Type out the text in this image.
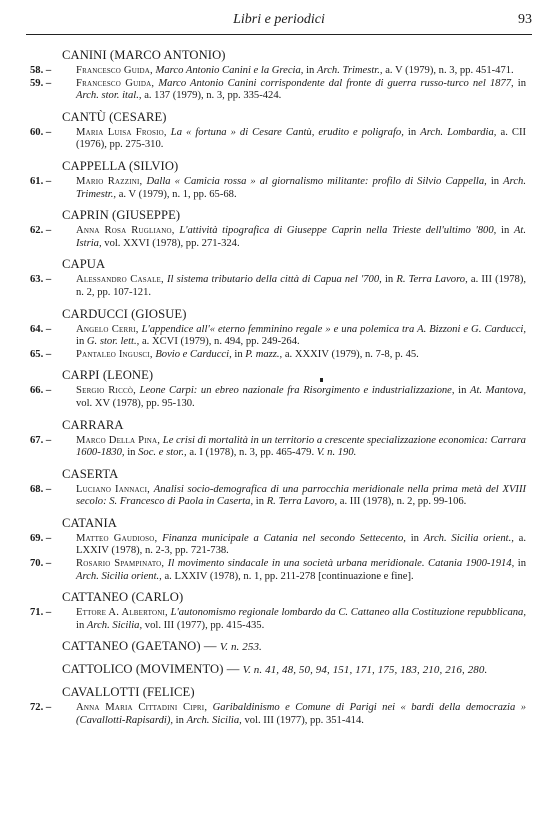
Libri e periodici	93
CANINI (MARCO ANTONIO)
58. – Francesco Guida, Marco Antonio Canini e la Grecia, in Arch. Trimestr., a. V (1979), n. 3, pp. 451-471.
59. – Francesco Guida, Marco Antonio Canini corrispondente dal fronte di guerra russo-turco nel 1877, in Arch. stor. ital., a. 137 (1979), n. 3, pp. 335-424.
CANTÙ (CESARE)
60. – Maria Luisa Frosio, La « fortuna » di Cesare Cantù, erudito e poligrafo, in Arch. Lombardia, a. CII (1976), pp. 275-310.
CAPPELLA (SILVIO)
61. – Mario Razzini, Dalla « Camicia rossa » al giornalismo militante: profilo di Silvio Cappella, in Arch. Trimestr., a. V (1979), n. 1, pp. 65-68.
CAPRIN (GIUSEPPE)
62. – Anna Rosa Rugliano, L'attività tipografica di Giuseppe Caprin nella Trieste dell'ultimo '800, in At. Istria, vol. XXVI (1978), pp. 271-324.
CAPUA
63. – Alessandro Casale, Il sistema tributario della città di Capua nel '700, in R. Terra Lavoro, a. III (1978), n. 2, pp. 107-121.
CARDUCCI (GIOSUE)
64. – Angelo Cerri, L'appendice all'« eterno femminino regale » e una polemica tra A. Bizzoni e G. Carducci, in G. stor. lett., a. XCVI (1979), n. 494, pp. 249-264.
65. – Pantaleo Ingusci, Bovio e Carducci, in P. mazz., a. XXXIV (1979), n. 7-8, p. 45.
CARPI (LEONE)
66. – Sergio Riccò, Leone Carpi: un ebreo nazionale fra Risorgimento e industrializzazione, in At. Mantova, vol. XV (1978), pp. 95-130.
CARRARA
67. – Marco Della Pina, Le crisi di mortalità in un territorio a crescente specializzazione economica: Carrara 1600-1830, in Soc. e stor., a. I (1978), n. 3, pp. 465-479. V. n. 190.
CASERTA
68. – Luciano Iannaci, Analisi socio-demografica di una parrocchia meridionale nella prima metà del XVIII secolo: S. Francesco di Paola in Caserta, in R. Terra Lavoro, a. III (1978), n. 2, pp. 99-106.
CATANIA
69. – Matteo Gaudioso, Finanza municipale a Catania nel secondo Settecento, in Arch. Sicilia orient., a. LXXIV (1978), n. 2-3, pp. 721-738.
70. – Rosario Spampinato, Il movimento sindacale in una società urbana meridionale. Catania 1900-1914, in Arch. Sicilia orient., a. LXXIV (1978), n. 1, pp. 211-278 [continuazione e fine].
CATTANEO (CARLO)
71. – Ettore A. Albertoni, L'autonomismo regionale lombardo da C. Cattaneo alla Costituzione repubblicana, in Arch. Sicilia, vol. III (1977), pp. 415-435.
CATTANEO (GAETANO) — V. n. 253.
CATTOLICO (MOVIMENTO) — V. n. 41, 48, 50, 94, 151, 171, 175, 183, 210, 216, 280.
CAVALLOTTI (FELICE)
72. – Anna Maria Cittadini Cipri, Garibaldinismo e Comune di Parigi nei « bardi della democrazia » (Cavallotti-Rapisardi), in Arch. Sicilia, vol. III (1977), pp. 351-414.
